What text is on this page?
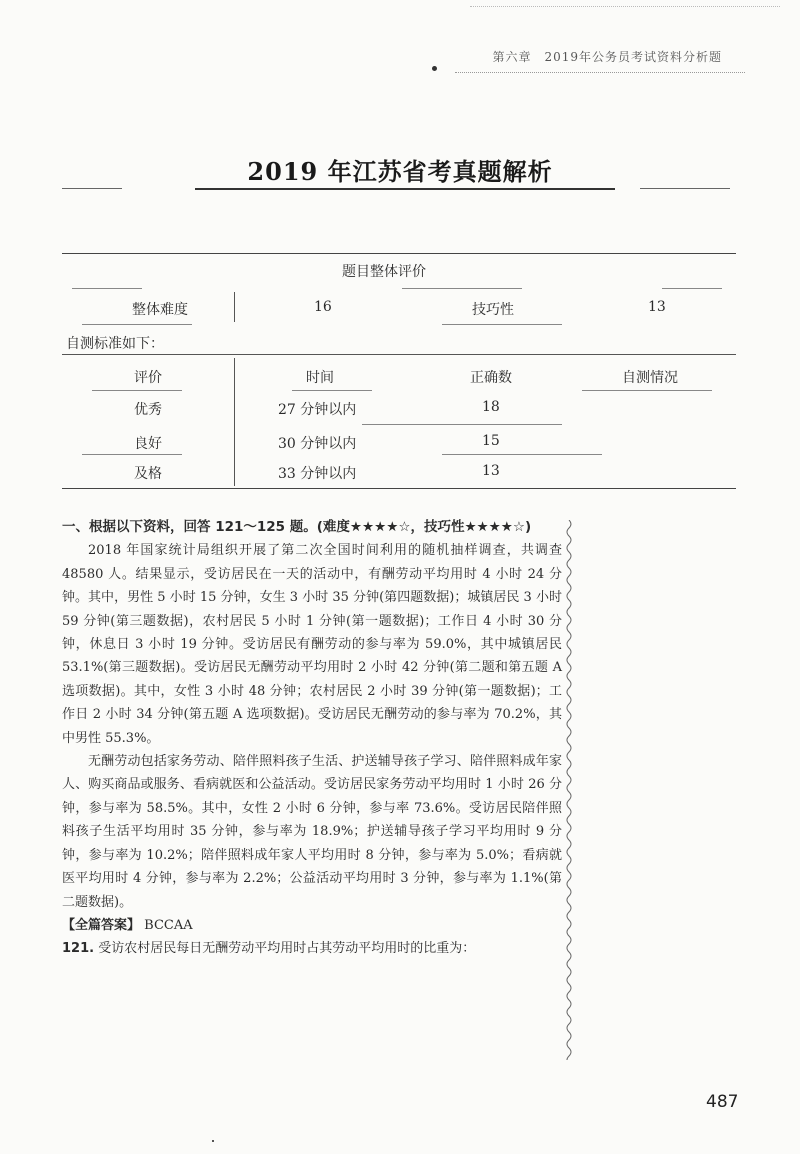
第六章　2019年公务员考试资料分析题
2019 年江苏省考真题解析
题目整体评价
整体难度	16	技巧性	13
自测标准如下：
评价	时间	正确数	自测情况
优秀	27 分钟以内	18
良好	30 分钟以内	15
及格	33 分钟以内	13

一、根据以下资料，回答 121～125 题。(难度★★★★☆，技巧性★★★★☆)

2018 年国家统计局组织开展了第二次全国时间利用的随机抽样调查，共调查 48580 人。结果显示，受访居民在一天的活动中，有酬劳动平均用时 4 小时 24 分钟。其中，男性 5 小时 15 分钟，女生 3 小时 35 分钟(第四题数据)；城镇居民 3 小时 59 分钟(第三题数据)，农村居民 5 小时 1 分钟(第一题数据)；工作日 4 小时 30 分钟，休息日 3 小时 19 分钟。受访居民有酬劳动的参与率为 59.0%，其中城镇居民 53.1%(第三题数据)。受访居民无酬劳动平均用时 2 小时 42 分钟(第二题和第五题 A 选项数据)。其中，女性 3 小时 48 分钟；农村居民 2 小时 39 分钟(第一题数据)；工作日 2 小时 34 分钟(第五题 A 选项数据)。受访居民无酬劳动的参与率为 70.2%，其中男性 55.3%。

无酬劳动包括家务劳动、陪伴照料孩子生活、护送辅导孩子学习、陪伴照料成年家人、购买商品或服务、看病就医和公益活动。受访居民家务劳动平均用时 1 小时 26 分钟，参与率为 58.5%。其中，女性 2 小时 6 分钟，参与率 73.6%。受访居民陪伴照料孩子生活平均用时 35 分钟，参与率为 18.9%；护送辅导孩子学习平均用时 9 分钟，参与率为 10.2%；陪伴照料成年家人平均用时 8 分钟，参与率为 5.0%；看病就医平均用时 4 分钟，参与率为 2.2%；公益活动平均用时 3 分钟，参与率为 1.1%(第二题数据)。

【全篇答案】 BCCAA

121. 受访农村居民每日无酬劳动平均用时占其劳动平均用时的比重为：

487
